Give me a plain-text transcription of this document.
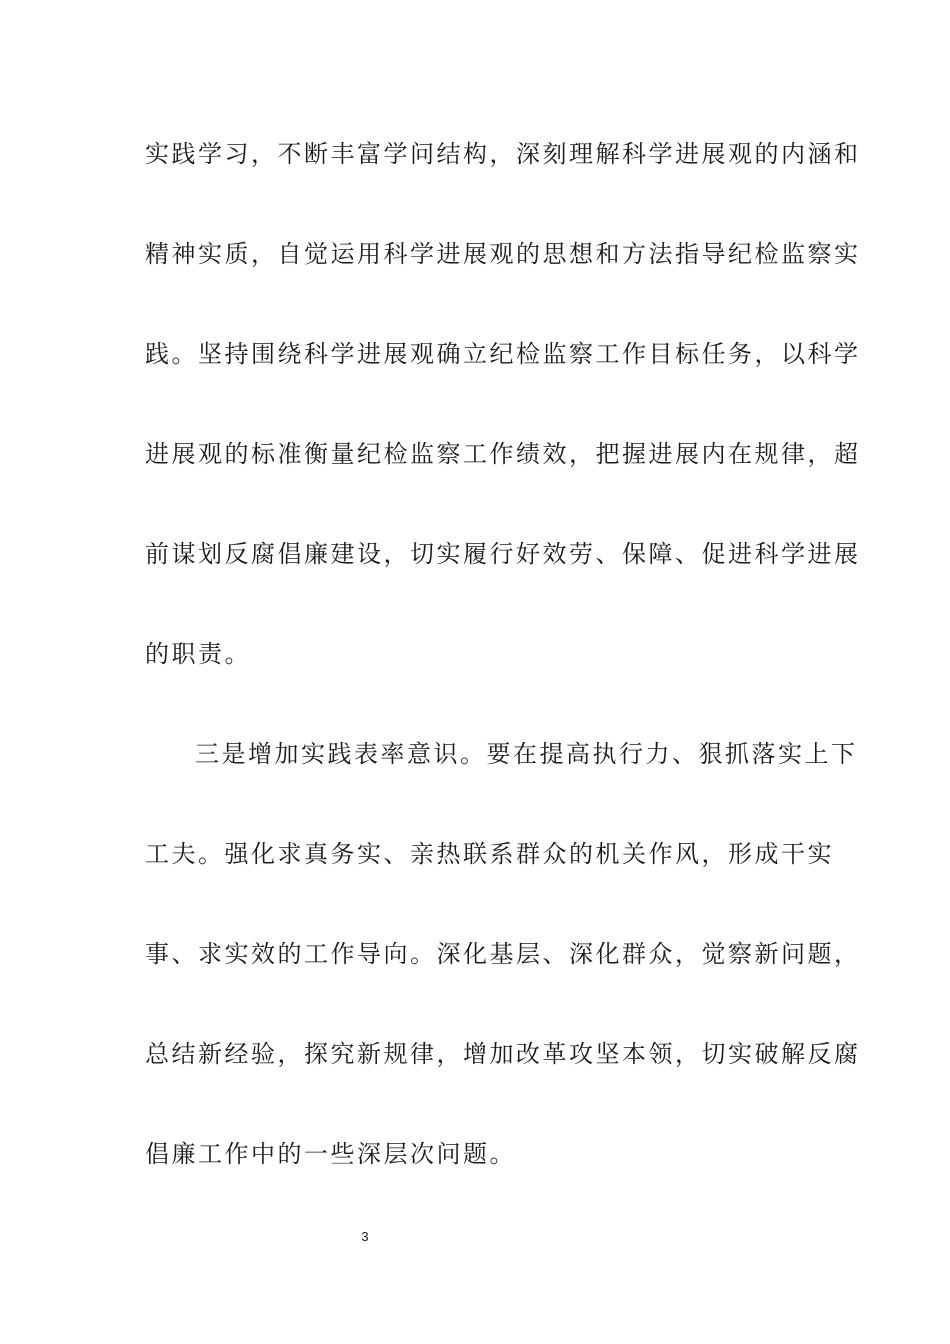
实践学习，不断丰富学问结构，深刻理解科学进展观的内涵和
精神实质，自觉运用科学进展观的思想和方法指导纪检监察实
践。坚持围绕科学进展观确立纪检监察工作目标任务，以科学
进展观的标准衡量纪检监察工作绩效，把握进展内在规律，超
前谋划反腐倡廉建设，切实履行好效劳、保障、促进科学进展
的职责。
三是增加实践表率意识。要在提高执行力、狠抓落实上下
工夫。强化求真务实、亲热联系群众的机关作风，形成干实
事、求实效的工作导向。深化基层、深化群众，觉察新问题，
总结新经验，探究新规律，增加改革攻坚本领，切实破解反腐
倡廉工作中的一些深层次问题。
3
